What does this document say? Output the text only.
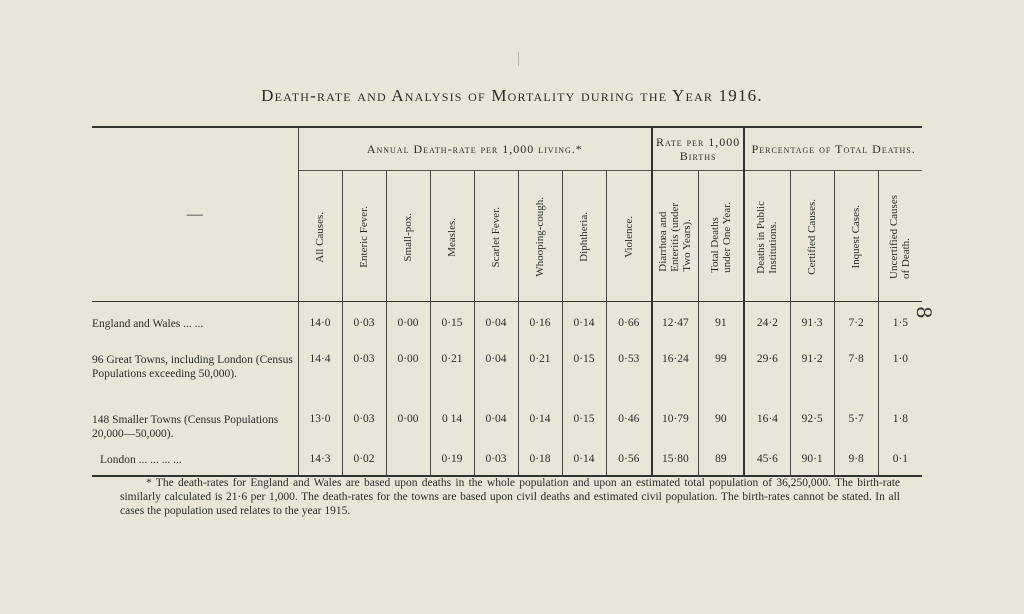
Death-rate and Analysis of Mortality during the Year 1916.
8
—	Annual Death-rate per 1,000 living.*								Rate per 1,000 Births		Percentage of Total Deaths.			

	All Causes.	Enteric Fever.	Small-pox.	Measles.	Scarlet Fever.	Whooping-cough.	Diphtheria.	Violence.	Diarrhœa and
Enteritis (under
Two Years).	Total Deaths
under One Year.	Deaths in Public
Institutions.	Certified Causes.	Inquest Cases.	Uncertified Causes
of Death.

England and Wales ... ...	14·0	0·03	0·00	0·15	0·04	0·16	0·14	0·66	12·47	91	24·2	91·3	7·2	1·5
96 Great Towns, including London (Census Populations exceeding 50,000).	14·4	0·03	0·00	0·21	0·04	0·21	0·15	0·53	16·24	99	29·6	91·2	7·8	1·0
148 Smaller Towns (Census Populations 20,000—50,000).	13·0	0·03	0·00	0 14	0·04	0·14	0·15	0·46	10·79	90	16·4	92·5	5·7	1·8
London ... ... ... ...	14·3	0·02		0·19	0·03	0·18	0·14	0·56	15·80	89	45·6	90·1	9·8	0·1
* The death-rates for England and Wales are based upon deaths in the whole population and upon an estimated total population of 36,250,000. The birth-rate similarly calculated is 21·6 per 1,000. The death-rates for the towns are based upon civil deaths and estimated civil population. The birth-rates cannot be stated. In all cases the population used relates to the year 1915.
